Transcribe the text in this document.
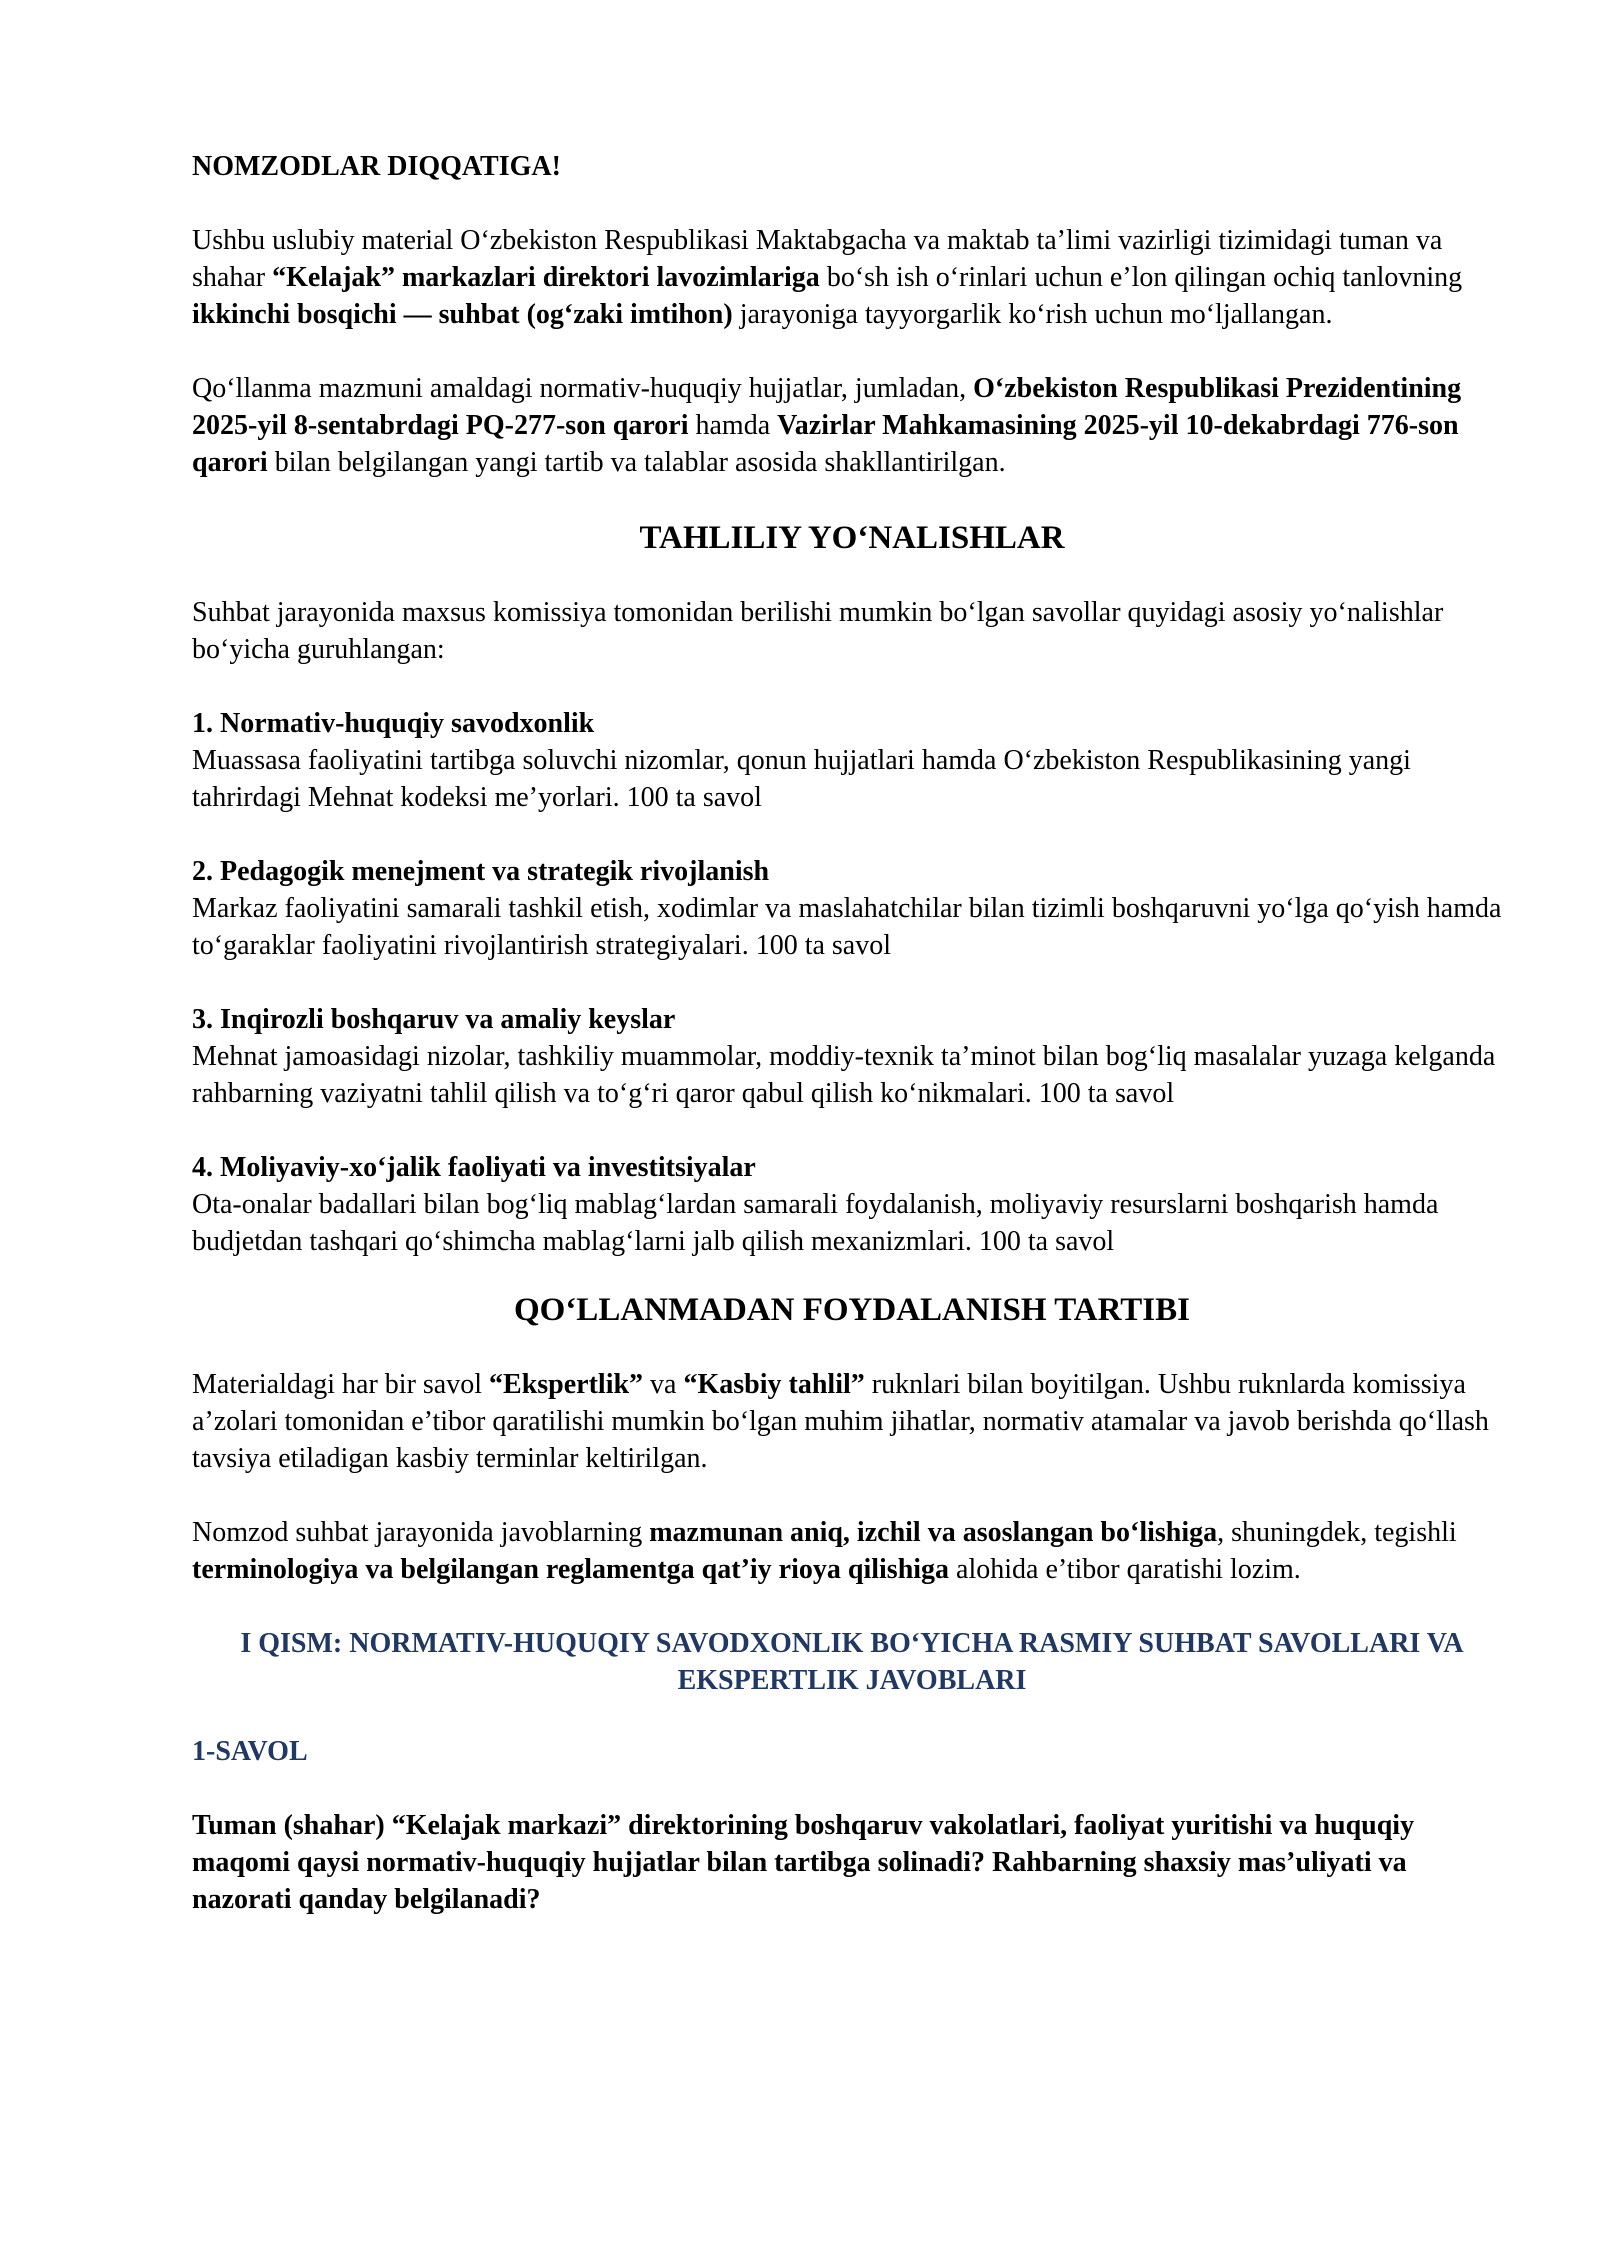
NOMZODLAR DIQQATIGA!

Ushbu uslubiy material O‘zbekiston Respublikasi Maktabgacha va maktab ta’limi vazirligi tizimidagi tuman va shahar “Kelajak” markazlari direktori lavozimlariga bo‘sh ish o‘rinlari uchun e’lon qilingan ochiq tanlovning ikkinchi bosqichi — suhbat (og‘zaki imtihon) jarayoniga tayyorgarlik ko‘rish uchun mo‘ljallangan.

Qo‘llanma mazmuni amaldagi normativ-huquqiy hujjatlar, jumladan, O‘zbekiston Respublikasi Prezidentining 2025-yil 8-sentabrdagi PQ-277-son qarori hamda Vazirlar Mahkamasining 2025-yil 10-dekabrdagi 776-son qarori bilan belgilangan yangi tartib va talablar asosida shakllantirilgan.

TAHLILIY YO‘NALISHLAR

Suhbat jarayonida maxsus komissiya tomonidan berilishi mumkin bo‘lgan savollar quyidagi asosiy yo‘nalishlar bo‘yicha guruhlangan:

1. Normativ-huquqiy savodxonlik

Muassasa faoliyatini tartibga soluvchi nizomlar, qonun hujjatlari hamda O‘zbekiston Respublikasining yangi tahrirdagi Mehnat kodeksi me’yorlari. 100 ta savol

2. Pedagogik menejment va strategik rivojlanish

Markaz faoliyatini samarali tashkil etish, xodimlar va maslahatchilar bilan tizimli boshqaruvni yo‘lga qo‘yish hamda to‘garaklar faoliyatini rivojlantirish strategiyalari. 100 ta savol

3. Inqirozli boshqaruv va amaliy keyslar

Mehnat jamoasidagi nizolar, tashkiliy muammolar, moddiy-texnik ta’minot bilan bog‘liq masalalar yuzaga kelganda rahbarning vaziyatni tahlil qilish va to‘g‘ri qaror qabul qilish ko‘nikmalari. 100 ta savol

4. Moliyaviy-xo‘jalik faoliyati va investitsiyalar

Ota-onalar badallari bilan bog‘liq mablag‘lardan samarali foydalanish, moliyaviy resurslarni boshqarish hamda budjetdan tashqari qo‘shimcha mablag‘larni jalb qilish mexanizmlari. 100 ta savol

QO‘LLANMADAN FOYDALANISH TARTIBI

Materialdagi har bir savol “Ekspertlik” va “Kasbiy tahlil” ruknlari bilan boyitilgan. Ushbu ruknlarda komissiya a’zolari tomonidan e’tibor qaratilishi mumkin bo‘lgan muhim jihatlar, normativ atamalar va javob berishda qo‘llash tavsiya etiladigan kasbiy terminlar keltirilgan.

Nomzod suhbat jarayonida javoblarning mazmunan aniq, izchil va asoslangan bo‘lishiga, shuningdek, tegishli terminologiya va belgilangan reglamentga qat’iy rioya qilishiga alohida e’tibor qaratishi lozim.

I QISM: NORMATIV-HUQUQIY SAVODXONLIK BO‘YICHA RASMIY SUHBAT SAVOLLARI VA EKSPERTLIK JAVOBLARI

1-SAVOL

Tuman (shahar) “Kelajak markazi” direktorining boshqaruv vakolatlari, faoliyat yuritishi va huquqiy maqomi qaysi normativ-huquqiy hujjatlar bilan tartibga solinadi? Rahbarning shaxsiy mas’uliyati va nazorati qanday belgilanadi?
